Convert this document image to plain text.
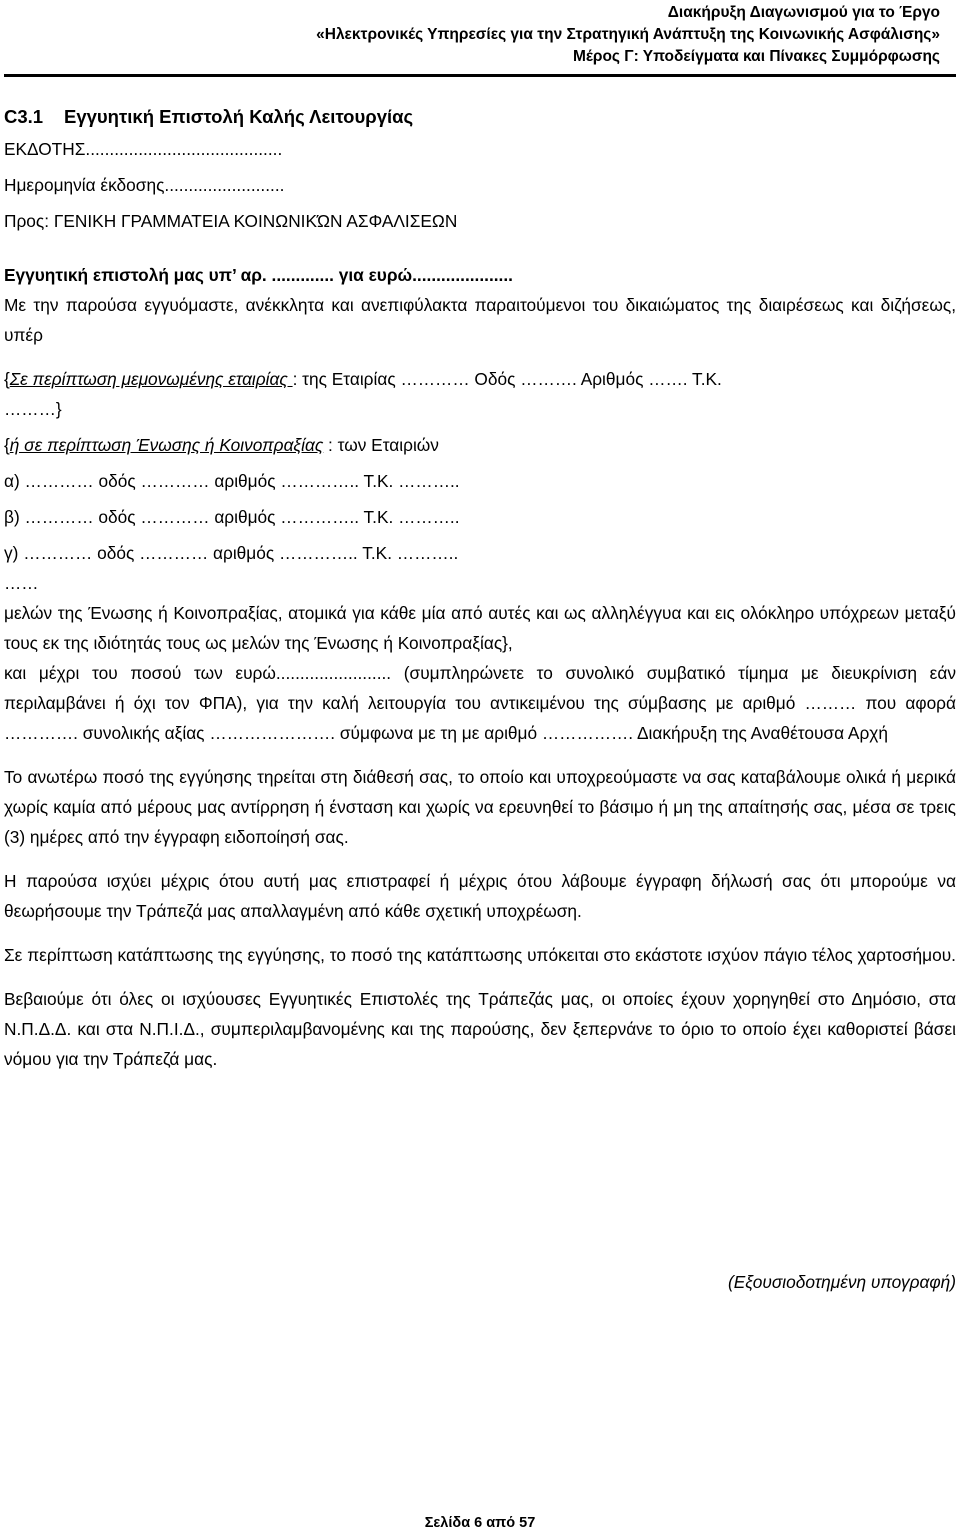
Διακήρυξη Διαγωνισμού για το Έργο
«Ηλεκτρονικές Υπηρεσίες για την Στρατηγική Ανάπτυξη της Κοινωνικής Ασφάλισης»
Μέρος Γ: Υποδείγματα και Πίνακες Συμμόρφωσης

C3.1 Εγγυητική Επιστολή Καλής Λειτουργίας

ΕΚΔΟΤΗΣ.........................................

Ημερομηνία έκδοσης.........................

Προς: ΓΕΝΙΚΗ ΓΡΑΜΜΑΤΕΙΑ ΚΟΙΝΩΝΙΚΏΝ ΑΣΦΑΛΙΣΕΩΝ

Εγγυητική επιστολή μας υπ’ αρ. ............. για ευρώ.....................

Με την παρούσα εγγυόμαστε, ανέκκλητα και ανεπιφύλακτα παραιτούμενοι του δικαιώματος της διαιρέσεως και διζήσεως, υπέρ

{Σε περίπτωση μεμονωμένης εταιρίας : της Εταιρίας ………… Οδός ………. Αριθμός ……. Τ.Κ.

………}

{ή σε περίπτωση Ένωσης ή Κοινοπραξίας : των Εταιριών

α) ………… οδός ………… αριθμός ………….. Τ.Κ. ………..

β) ………… οδός ………… αριθμός ………….. Τ.Κ. ………..

γ) ………… οδός ………… αριθμός ………….. Τ.Κ. ………..

……

μελών της Ένωσης ή Κοινοπραξίας, ατομικά για κάθε μία από αυτές και ως αλληλέγγυα και εις ολόκληρο υπόχρεων μεταξύ τους εκ της ιδιότητάς τους ως μελών της Ένωσης ή Κοινοπραξίας},

και μέχρι του ποσού των ευρώ........................ (συμπληρώνετε το συνολικό συμβατικό τίμημα με διευκρίνιση εάν περιλαμβάνει ή όχι τον ΦΠΑ), για την καλή λειτουργία του αντικειμένου της σύμβασης με αριθμό ……… που αφορά …………. συνολικής αξίας …………………. σύμφωνα με τη με αριθμό ……………. Διακήρυξη της Αναθέτουσα Αρχή

Το ανωτέρω ποσό της εγγύησης τηρείται στη διάθεσή σας, το οποίο και υποχρεούμαστε να σας καταβάλουμε ολικά ή μερικά χωρίς καμία από μέρους μας αντίρρηση ή ένσταση και χωρίς να ερευνηθεί το βάσιμο ή μη της απαίτησής σας, μέσα σε τρεις (3) ημέρες από την έγγραφη ειδοποίησή σας.

Η παρούσα ισχύει μέχρις ότου αυτή μας επιστραφεί ή μέχρις ότου λάβουμε έγγραφη δήλωσή σας ότι μπορούμε να θεωρήσουμε την Τράπεζά μας απαλλαγμένη από κάθε σχετική υποχρέωση.

Σε περίπτωση κατάπτωσης της εγγύησης, το ποσό της κατάπτωσης υπόκειται στο εκάστοτε ισχύον πάγιο τέλος χαρτοσήμου.

Βεβαιούμε ότι όλες οι ισχύουσες Εγγυητικές Επιστολές της Τράπεζάς μας, οι οποίες έχουν χορηγηθεί στο Δημόσιο, στα Ν.Π.Δ.Δ. και στα Ν.Π.Ι.Δ., συμπεριλαμβανομένης και της παρούσης, δεν ξεπερνάνε το όριο το οποίο έχει καθοριστεί βάσει νόμου για την Τράπεζά μας.

(Εξουσιοδοτημένη υπογραφή)
Σελίδα 6 από 57
